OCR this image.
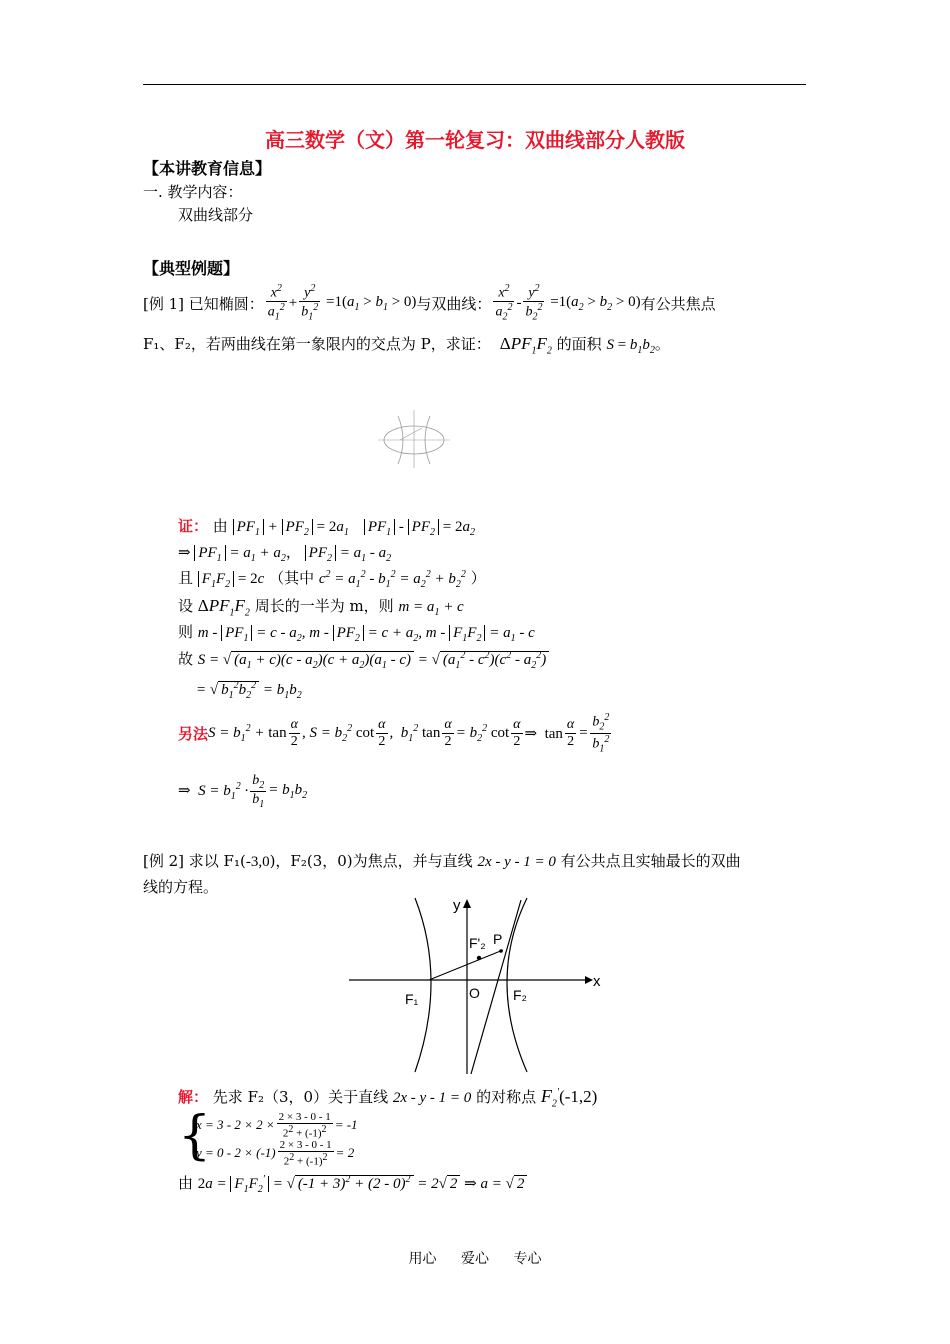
高三数学（文）第一轮复习：双曲线部分人教版
【本讲教育信息】
一. 教学内容：
双曲线部分
【典型例题】
[例 1] 已知椭圆： $\frac{x^2}{a_1^2} + \frac{y^2}{b_1^2} =1(a_1 > b_1 > 0)$ 与双曲线： $\frac{x^2}{a_2^2} - \frac{y^2}{b_2^2} =1(a_2 > b_2 > 0)$ 有公共焦点
F₁、F₂，若两曲线在第一象限内的交点为 P，求证： $\Delta PF_1F_2$ 的面积 $S = b_1b_2$。
证： 由 $PF_1 + PF_2 = 2a_1$ $PF_1 - PF_2 = 2a_2$
⇒ $PF_1 = a_1 + a_2$， $PF_2 = a_1 - a_2$
且 $F_1F_2 = 2c$ （其中 $c^2 = a_1^2 - b_1^2 = a_2^2 + b_2^2$ ）
设 $\Delta PF_1F_2$ 周长的一半为 m，则 $m = a_1 + c$
则 $m - PF_1 = c - a_2$, $m - PF_2 = c + a_2$, $m - F_1F_2 = a_1 - c$
故 S = √ $(a_1 + c)(c - a_2)(c + a_2)(a_1 - c)$ = √ $(a_1^2 - c^2)(c^2 - a_2^2)$
= √ $b_1^2b_2^2 = b_1b_2$
另法 $S = b_1^2 + \tan \frac{\alpha}{2}$ , $S = b_2^2$ $\cot \frac{\alpha}{2}$ ,  $b_1^2$ $\tan \frac{\alpha}{2} = b_2^2$ $\cot \frac{\alpha}{2}$ ⇒ $\tan \frac{\alpha}{2} = \frac{b_2^2}{b_1^2}$
⇒  $S = b_1^2 \cdot \frac{b_2}{b_1} = b_1b_2$
[例 2] 求以 F₁(-3,0)，F₂(3，0)为焦点，并与直线 2x - y - 1 = 0 有公共点且实轴最长的双曲
线的方程。
y
x
F₁	F₂
O
P
F'₂
解： 先求 F₂（3，0）关于直线 2x - y - 1 = 0 的对称点 $F_2'(-1,2)$
{
$x = 3 - 2 \times 2 \times \frac{2 \times 3 - 0 - 1}{2^2 + (-1)^2} = -1$
$y = 0 - 2 \times (-1) \frac{2 \times 3 - 0 - 1}{2^2 + (-1)^2} = 2$
由 $2a = F_1F_2'$ = √ $(-1 + 3)^2 + (2 - 0)^2 = 2√$ 2 ⇒ a = √ 2
用心 爱心 专心
